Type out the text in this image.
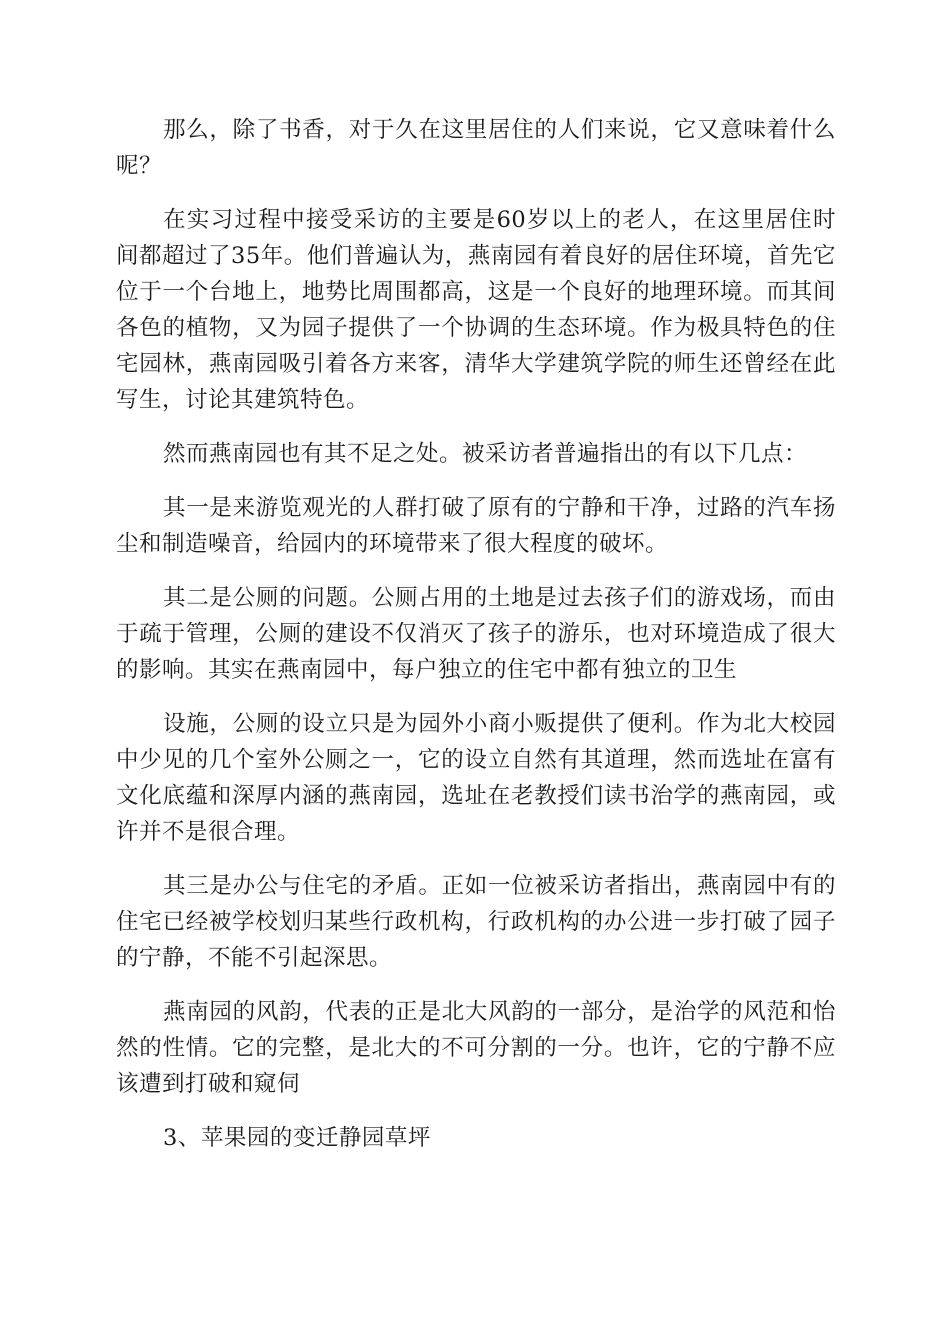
那么，除了书香，对于久在这里居住的人们来说，它又意味着什么呢？

在实习过程中接受采访的主要是60岁以上的老人，在这里居住时间都超过了35年。他们普遍认为，燕南园有着良好的居住环境，首先它位于一个台地上，地势比周围都高，这是一个良好的地理环境。而其间各色的植物，又为园子提供了一个协调的生态环境。作为极具特色的住宅园林，燕南园吸引着各方来客，清华大学建筑学院的师生还曾经在此写生，讨论其建筑特色。

然而燕南园也有其不足之处。被采访者普遍指出的有以下几点：

其一是来游览观光的人群打破了原有的宁静和干净，过路的汽车扬尘和制造噪音，给园内的环境带来了很大程度的破坏。

其二是公厕的问题。公厕占用的土地是过去孩子们的游戏场，而由于疏于管理，公厕的建设不仅消灭了孩子的游乐，也对环境造成了很大的影响。其实在燕南园中，每户独立的住宅中都有独立的卫生

设施，公厕的设立只是为园外小商小贩提供了便利。作为北大校园中少见的几个室外公厕之一，它的设立自然有其道理，然而选址在富有文化底蕴和深厚内涵的燕南园，选址在老教授们读书治学的燕南园，或许并不是很合理。

其三是办公与住宅的矛盾。正如一位被采访者指出，燕南园中有的住宅已经被学校划归某些行政机构，行政机构的办公进一步打破了园子的宁静，不能不引起深思。

燕南园的风韵，代表的正是北大风韵的一部分，是治学的风范和怡然的性情。它的完整，是北大的不可分割的一分。也许，它的宁静不应该遭到打破和窥伺

3、苹果园的变迁静园草坪
